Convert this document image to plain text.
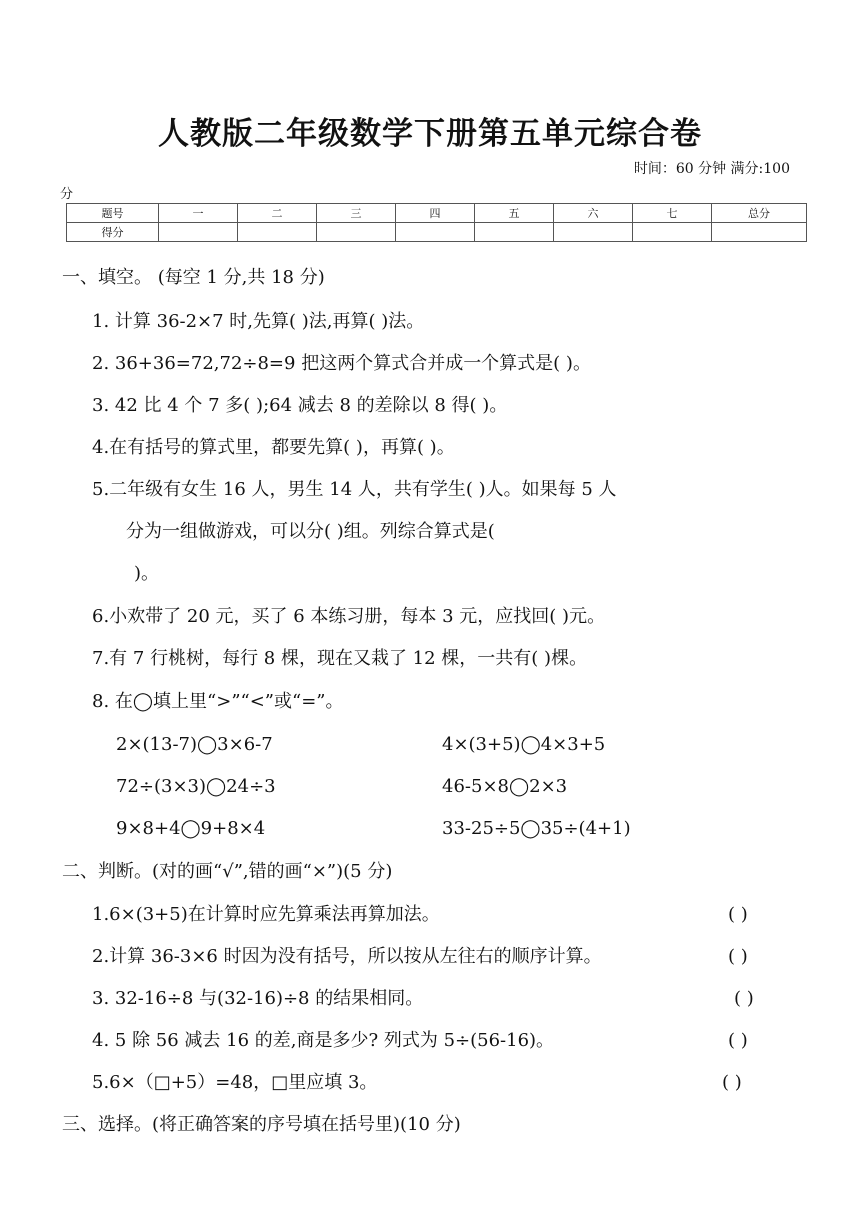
人教版二年级数学下册第五单元综合卷
时间：60 分钟 满分:100
分
题号	一	二	三	四	五	六	七	总分
得分								
一、填空。 (每空 1 分,共 18 分)
1. 计算 36-2×7 时,先算( )法,再算( )法。
2. 36+36=72,72÷8=9 把这两个算式合并成一个算式是( )。
3. 42 比 4 个 7 多( );64 减去 8 的差除以 8 得( )。
4.在有括号的算式里，都要先算( )，再算( )。
5.二年级有女生 16 人，男生 14 人，共有学生( )人。如果每 5 人
分为一组做游戏，可以分( )组。列综合算式是(
)。
6.小欢带了 20 元，买了 6 本练习册，每本 3 元，应找回( )元。
7.有 7 行桃树，每行 8 棵，现在又栽了 12 棵，一共有( )棵。
8. 在◯填上里“>”“<”或“=”。
2×(13-7)◯3×6-7	4×(3+5)◯4×3+5
72÷(3×3)◯24÷3	46-5×8◯2×3
9×8+4◯9+8×4	33-25÷5◯35÷(4+1)
二、判断。(对的画“√”,错的画“×”)(5 分)
1.6×(3+5)在计算时应先算乘法再算加法。	( )
2.计算 36-3×6 时因为没有括号，所以按从左往右的顺序计算。	( )
3. 32-16÷8 与(32-16)÷8 的结果相同。	( )
4. 5 除 56 减去 16 的差,商是多少? 列式为 5÷(56-16)。	( )
5.6×（□+5）=48，□里应填 3。	( )
三、选择。(将正确答案的序号填在括号里)(10 分)
